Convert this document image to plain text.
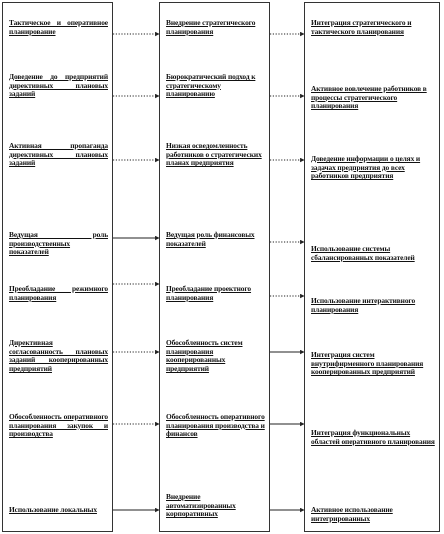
Тактическое и оперативное планирование
Доведение до предприятий директивных плановых заданий
Активная пропаганда директивных плановых заданий
Ведущая роль производственных показателей
Преобладание режимного планирования
Директивная согласованность плановых заданий кооперированных предприятий
Обособленность оперативного планирования закупок и производства
Использование локальных
Внедрение стратегического планирования
Бюрократический подход к стратегическому планированию
Низкая осведомленность работников о стратегических планах предприятия
Ведущая роль финансовых показателей
Преобладание проектного планирования
Обособленность систем планирования кооперированных предприятий
Обособленность оперативного планирования производства и финансов
Внедрение автоматизированных корпоративных
Интеграция стратегического и тактического планирования
Активное вовлечение работников в процессы стратегического планирования
Доведение информации о целях и задачах предприятия до всех работников предприятия
Использование системы сбалансированных показателей
Использование интерактивного планирования
Интеграция систем внутрифирменного планирования кооперированных предприятий
Интеграция функциональных областей оперативного планирования
Активное использование интегрированных
